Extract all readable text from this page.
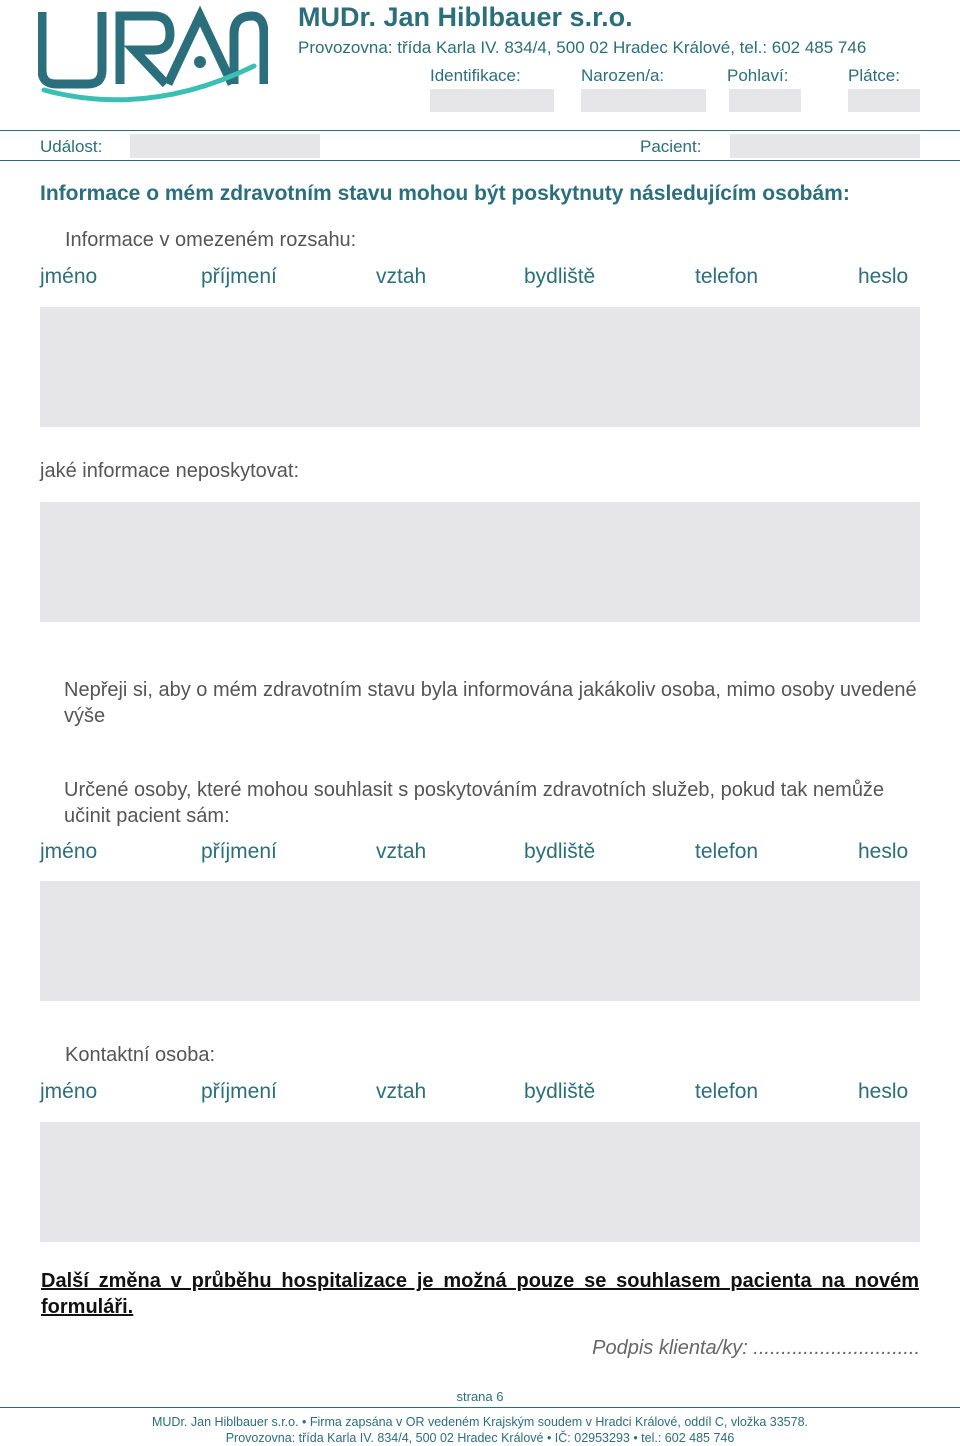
MUDr. Jan Hiblbauer s.r.o.
Provozovna: třída Karla IV. 834/4, 500 02 Hradec Králové, tel.: 602 485 746
Identifikace:	Narozen/a:	Pohlaví:	Plátce:
Událost:	Pacient:
Informace o mém zdravotním stavu mohou být poskytnuty následujícím osobám:
Informace v omezeném rozsahu:
jméno	příjmení	vztah	bydliště	telefon	heslo
jaké informace neposkytovat:
Nepřeji si, aby o mém zdravotním stavu byla informována jakákoliv osoba, mimo osoby uvedené výše
Určené osoby, které mohou souhlasit s poskytováním zdravotních služeb, pokud tak nemůže učinit pacient sám:
jméno	příjmení	vztah	bydliště	telefon	heslo
Kontaktní osoba:
jméno	příjmení	vztah	bydliště	telefon	heslo
Další změna v průběhu hospitalizace je možná pouze se souhlasem pacienta na novém formuláři.
Podpis klienta/ky: ..............................
strana 6
MUDr. Jan Hiblbauer s.r.o. • Firma zapsána v OR vedeném Krajským soudem v Hradci Králové, oddíl C, vložka 33578.
Provozovna: třída Karla IV. 834/4, 500 02 Hradec Králové • IČ: 02953293 • tel.: 602 485 746
